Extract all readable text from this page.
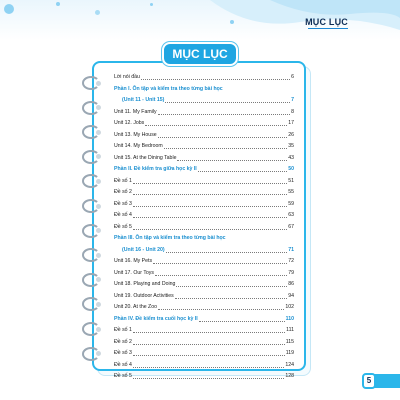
MỤC LỤC
MỤC LỤC
Lời nói đầu	6
Phần I. Ôn tập và kiểm tra theo từng bài học
(Unit 11 - Unit 15)	7
Unit 11. My Family	8
Unit 12. Jobs	17
Unit 13. My House	26
Unit 14. My Bedroom	35
Unit 15. At the Dining Table	43
Phần II. Đề kiểm tra giữa học kỳ II	50
Đề số 1	51
Đề số 2	55
Đề số 3	59
Đề số 4	63
Đề số 5	67
Phần III. Ôn tập và kiểm tra theo từng bài học
(Unit 16 - Unit 20)	71
Unit 16. My Pets	72
Unit 17. Our Toys	79
Unit 18. Playing and Doing	86
Unit 19. Outdoor Activities	94
Unit 20. At the Zoo	102
Phần IV. Đề kiểm tra cuối học kỳ II	110
Đề số 1	111
Đề số 2	115
Đề số 3	119
Đề số 4	124
Đề số 5	128	5
